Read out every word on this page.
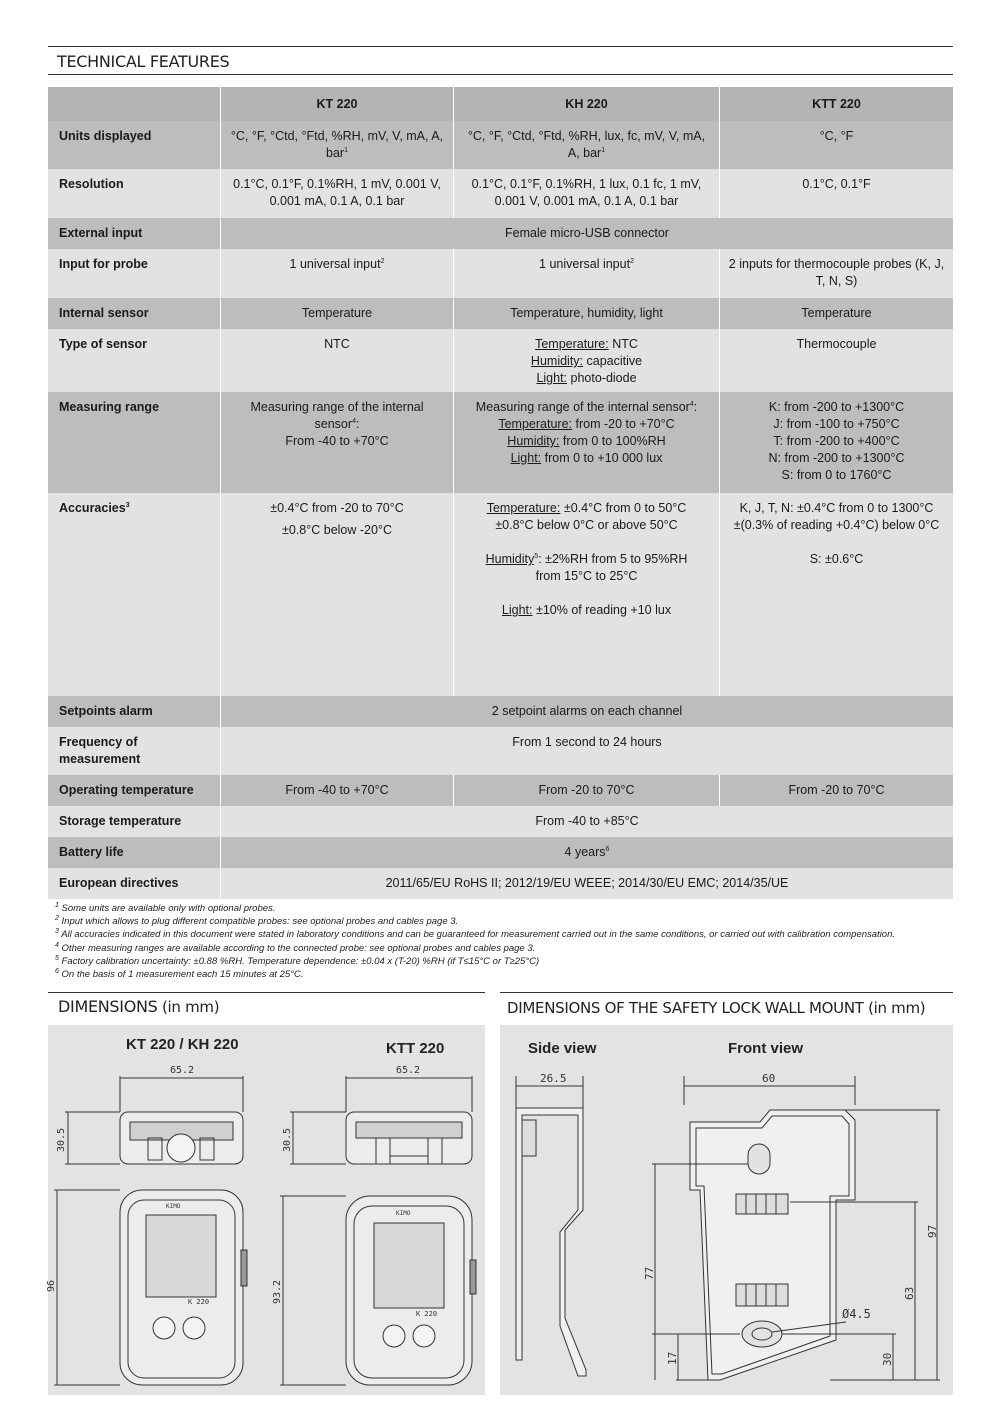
TECHNICAL FEATURES
	KT 220	KH 220	KTT 220

Units displayed	°C, °F, °Ctd, °Ftd, %RH, mV, V, mA, A, bar$^1$	°C, °F, °Ctd, °Ftd, %RH, lux, fc, mV, V, mA, A, bar$^1$	°C, °F

Resolution	0.1°C, 0.1°F, 0.1%RH, 1 mV, 0.001 V, 0.001 mA, 0.1 A, 0.1 bar	0.1°C, 0.1°F, 0.1%RH, 1 lux, 0.1 fc, 1 mV, 0.001 V, 0.001 mA, 0.1 A, 0.1 bar	0.1°C, 0.1°F

External input	Female micro-USB connector		

Input for probe	1 universal input$^2$	1 universal input$^2$	2 inputs for thermocouple probes (K, J, T, N, S)

Internal sensor	Temperature	Temperature, humidity, light	Temperature

Type of sensor	NTC	Temperature: NTC
Humidity: capacitive
Light: photo-diode	Thermocouple

Measuring range	Measuring range of the internal sensor$^4$:
From -40 to +70°C	Measuring range of the internal sensor$^4$:
Temperature: from -20 to +70°C
Humidity: from 0 to 100%RH
Light: from 0 to +10 000 lux	K: from -200 to +1300°C
J: from -100 to +750°C
T: from -200 to +400°C
N: from -200 to +1300°C
S: from 0 to 1760°C

Accuracies$^3$	±0.4°C from -20 to 70°C
±0.8°C below -20°C	Temperature: ±0.4°C from 0 to 50°C
±0.8°C below 0°C or above 50°C

Humidity$^5$: ±2%RH from 5 to 95%RH
from 15°C to 25°C

Light: ±10% of reading +10 lux	K, J, T, N: ±0.4°C from 0 to 1300°C
±(0.3% of reading +0.4°C) below 0°C

S: ±0.6°C

Setpoints alarm	2 setpoint alarms on each channel		

Frequency of
measurement	From 1 second to 24 hours		

Operating temperature	From -40 to +70°C	From -20 to 70°C	From -20 to 70°C
Storage temperature	From -40 to +85°C		
Battery life	4 years$^6$
European directives	2011/65/EU RoHS II; 2012/19/EU WEEE; 2014/30/EU EMC; 2014/35/UE		
$^1$ Some units are available only with optional probes.
$^2$ Input which allows to plug different compatible probes: see optional probes and cables page 3.
$^3$ All accuracies indicated in this document were stated in laboratory conditions and can be guaranteed for measurement carried out in the same conditions, or carried out with calibration compensation.
$^4$ Other measuring ranges are available according to the connected probe: see optional probes and cables page 3.
$^5$ Factory calibration uncertainty: ±0.88 %RH. Temperature dependence: ±0.04 x (T-20) %RH (if T≤15°C or T≥25°C)
$^6$ On the basis of 1 measurement each 15 minutes at 25°C.
DIMENSIONS (in mm)
KT 220 / KH 220	KTT 220
65.2	65.2
30.5	30.5
96	93.2
K 220
K 220
KIMO
KIMO
DIMENSIONS OF THE SAFETY LOCK WALL MOUNT (in mm)
Side view	Front view
26.5	60
77
17
97
63
30
Ø4.5
